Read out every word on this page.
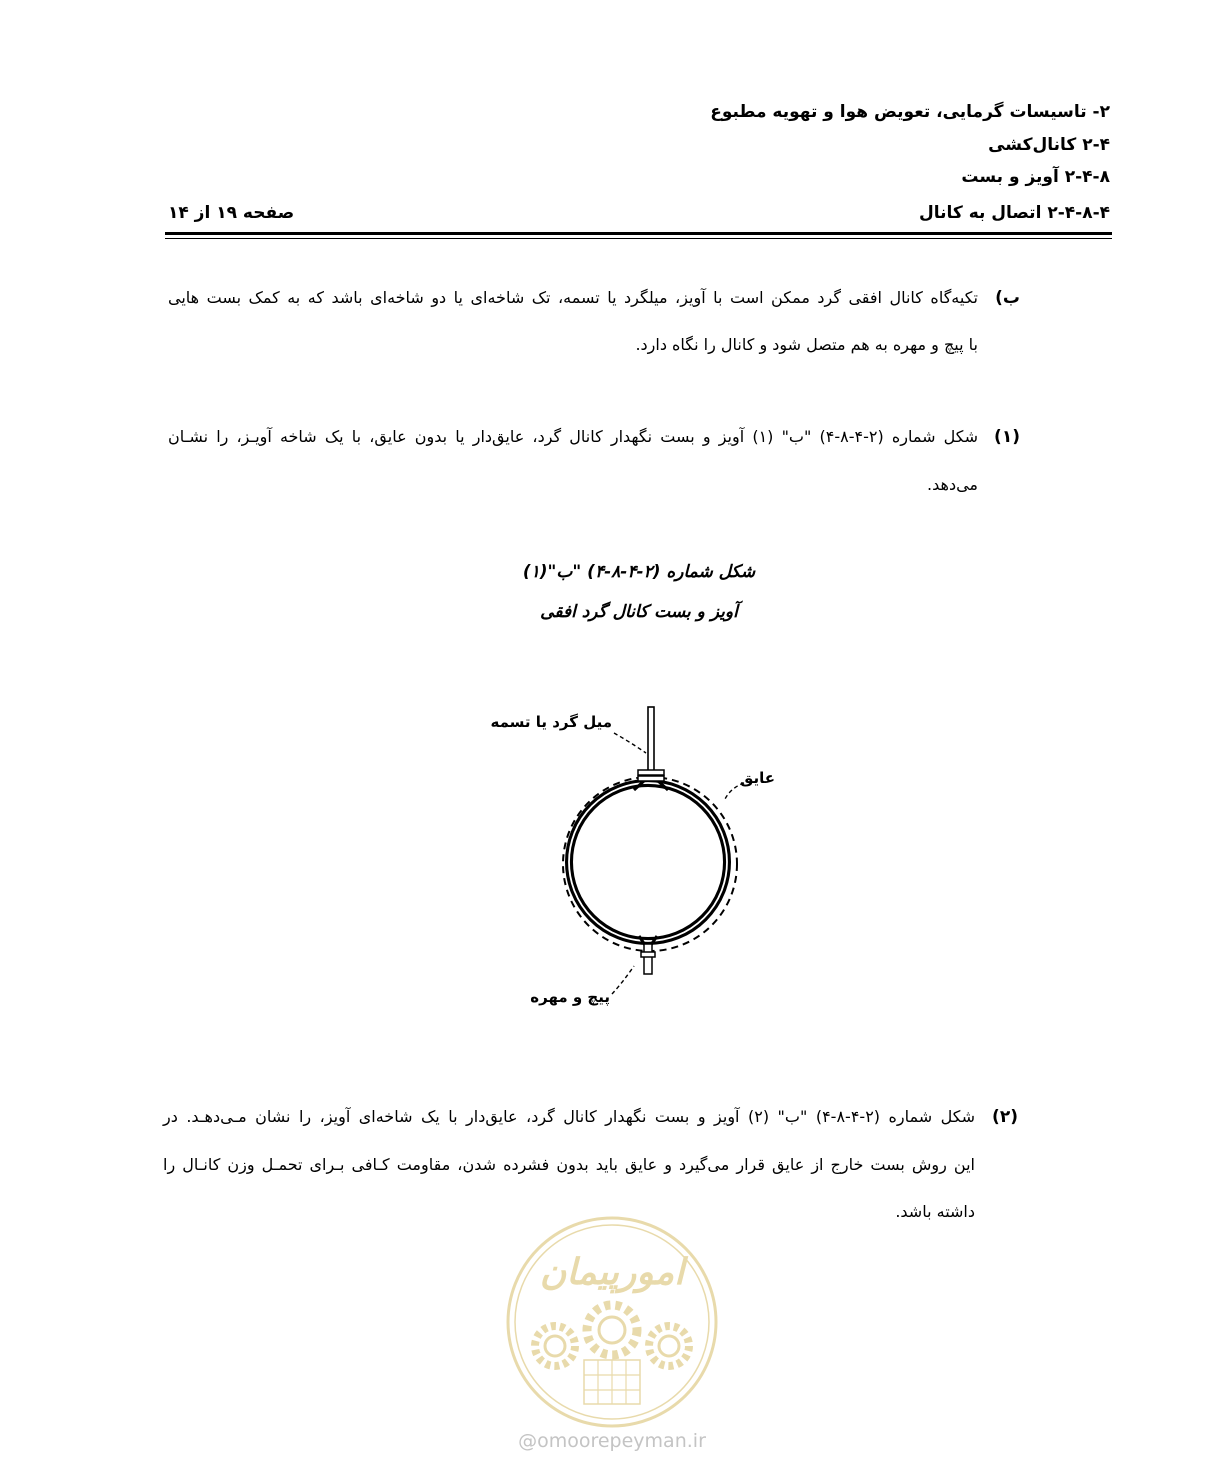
۲- تاسیسات گرمایی، تعویض هوا و تهویه مطبوع
۲-۴ کانال‌کشی
۲-۴-۸ آویز و بست
۲-۴-۸-۴ اتصال به کانال
صفحه ۱۹ از ۱۴
ب)
تکیه‌گاه کانال افقی گرد ممکن است با آویز، میلگرد یا تسمه، تک شاخه‌ای یا دو شاخه‌ای باشد که به کمک بست هایی
با پیچ و مهره به هم متصل شود و کانال را نگاه دارد.
(۱)
شکل شماره (۲-۴-۸-۴) "ب" (۱) آویز و بست نگهدار کانال گرد، عایق‌دار یا بدون عایق، با یک شاخه آویـز، را نشـان
می‌دهد.
شکل شماره (۲-۴-۸-۴) "ب"(۱)
آویز و بست کانال گرد افقی
میل گرد یا تسمه
عایق
پیچ و مهره
(۲)
شکل شماره (۲-۴-۸-۴) "ب" (۲) آویز و بست نگهدار کانال گرد، عایق‌دار با یک شاخه‌ای آویز، را نشان مـی‌دهـد. در
این روش بست خارج از عایق قرار می‌گیرد و عایق باید بدون فشرده شدن، مقاومت کـافی بـرای تحمـل وزن کانـال را
داشته باشد.
امورپیمان
@omoorepeyman.ir
